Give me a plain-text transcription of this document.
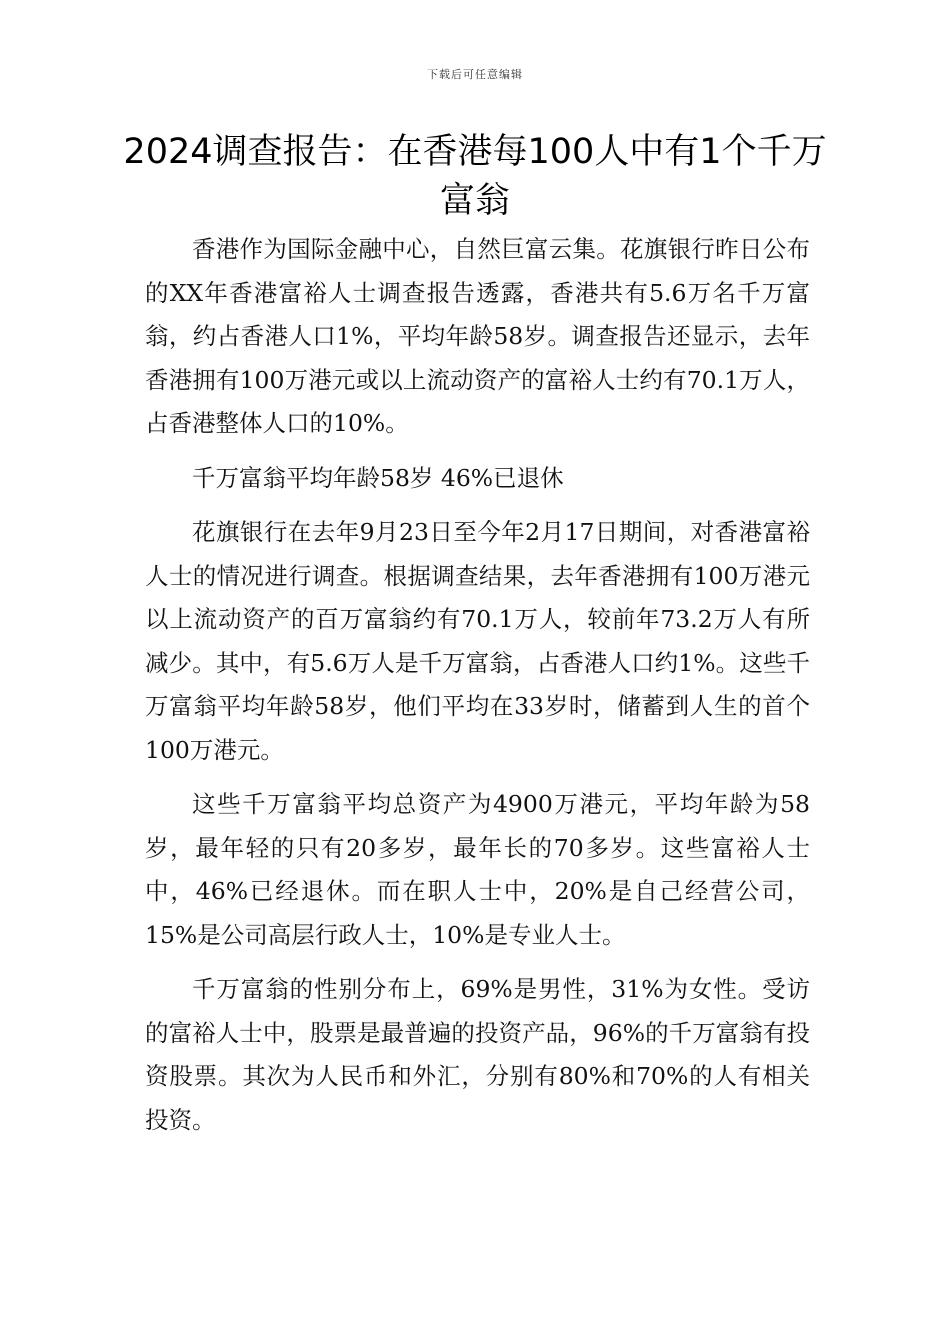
下载后可任意编辑
2024调查报告：在香港每100人中有1个千万富翁

香港作为国际金融中心，自然巨富云集。花旗银行昨日公布的XX年香港富裕人士调查报告透露，香港共有5.6万名千万富翁，约占香港人口1%，平均年龄58岁。调查报告还显示，去年香港拥有100万港元或以上流动资产的富裕人士约有70.1万人，占香港整体人口的10%。

千万富翁平均年龄58岁 46%已退休

花旗银行在去年9月23日至今年2月17日期间，对香港富裕人士的情况进行调查。根据调查结果，去年香港拥有100万港元以上流动资产的百万富翁约有70.1万人，较前年73.2万人有所减少。其中，有5.6万人是千万富翁，占香港人口约1%。这些千万富翁平均年龄58岁，他们平均在33岁时，储蓄到人生的首个100万港元。

这些千万富翁平均总资产为4900万港元，平均年龄为58岁，最年轻的只有20多岁，最年长的70多岁。这些富裕人士中，46%已经退休。而在职人士中，20%是自己经营公司，15%是公司高层行政人士，10%是专业人士。

千万富翁的性别分布上，69%是男性，31%为女性。受访的富裕人士中，股票是最普遍的投资产品，96%的千万富翁有投资股票。其次为人民币和外汇，分别有80%和70%的人有相关投资。
